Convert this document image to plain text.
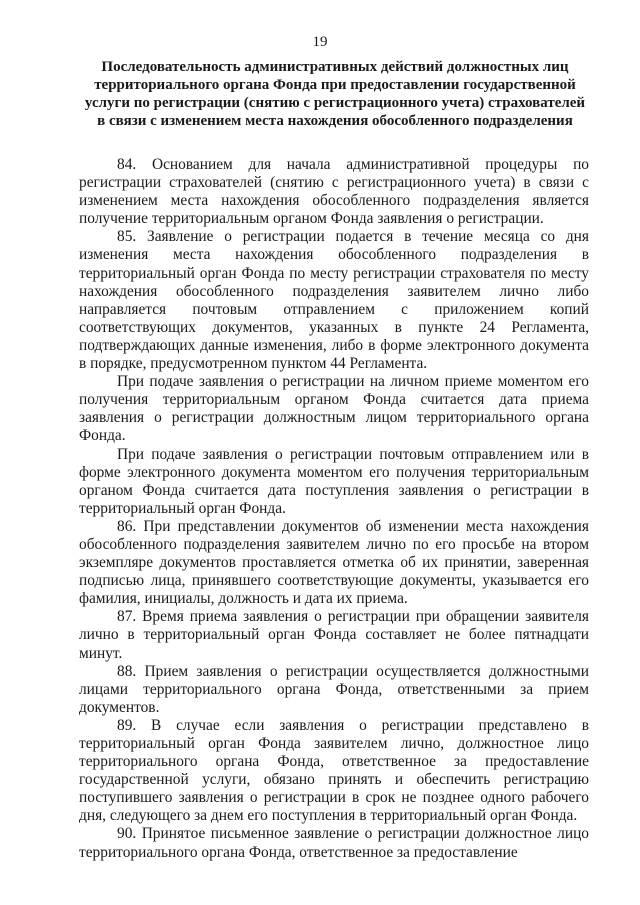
19
Последовательность административных действий должностных лиц территориального органа Фонда при предоставлении государственной услуги по регистрации (снятию с регистрационного учета) страхователей в связи с изменением места нахождения обособленного подразделения

84. Основанием для начала административной процедуры по регистрации страхователей (снятию с регистрационного учета) в связи с изменением места нахождения обособленного подразделения является получение территориальным органом Фонда заявления о регистрации.

85. Заявление о регистрации подается в течение месяца со дня изменения места нахождения обособленного подразделения в территориальный орган Фонда по месту регистрации страхователя по месту нахождения обособленного подразделения заявителем лично либо направляется почтовым отправлением с приложением копий соответствующих документов, указанных в пункте 24 Регламента, подтверждающих данные изменения, либо в форме электронного документа в порядке, предусмотренном пунктом 44 Регламента.

При подаче заявления о регистрации на личном приеме моментом его получения территориальным органом Фонда считается дата приема заявления о регистрации должностным лицом территориального органа Фонда.

При подаче заявления о регистрации почтовым отправлением или в форме электронного документа моментом его получения территориальным органом Фонда считается дата поступления заявления о регистрации в территориальный орган Фонда.

86. При представлении документов об изменении места нахождения обособленного подразделения заявителем лично по его просьбе на втором экземпляре документов проставляется отметка об их принятии, заверенная подписью лица, принявшего соответствующие документы, указывается его фамилия, инициалы, должность и дата их приема.

87. Время приема заявления о регистрации при обращении заявителя лично в территориальный орган Фонда составляет не более пятнадцати минут.

88. Прием заявления о регистрации осуществляется должностными лицами территориального органа Фонда, ответственными за прием документов.

89. В случае если заявления о регистрации представлено в территориальный орган Фонда заявителем лично, должностное лицо территориального органа Фонда, ответственное за предоставление государственной услуги, обязано принять и обеспечить регистрацию поступившего заявления о регистрации в срок не позднее одного рабочего дня, следующего за днем его поступления в территориальный орган Фонда.

90. Принятое письменное заявление о регистрации должностное лицо территориального органа Фонда, ответственное за предоставление
